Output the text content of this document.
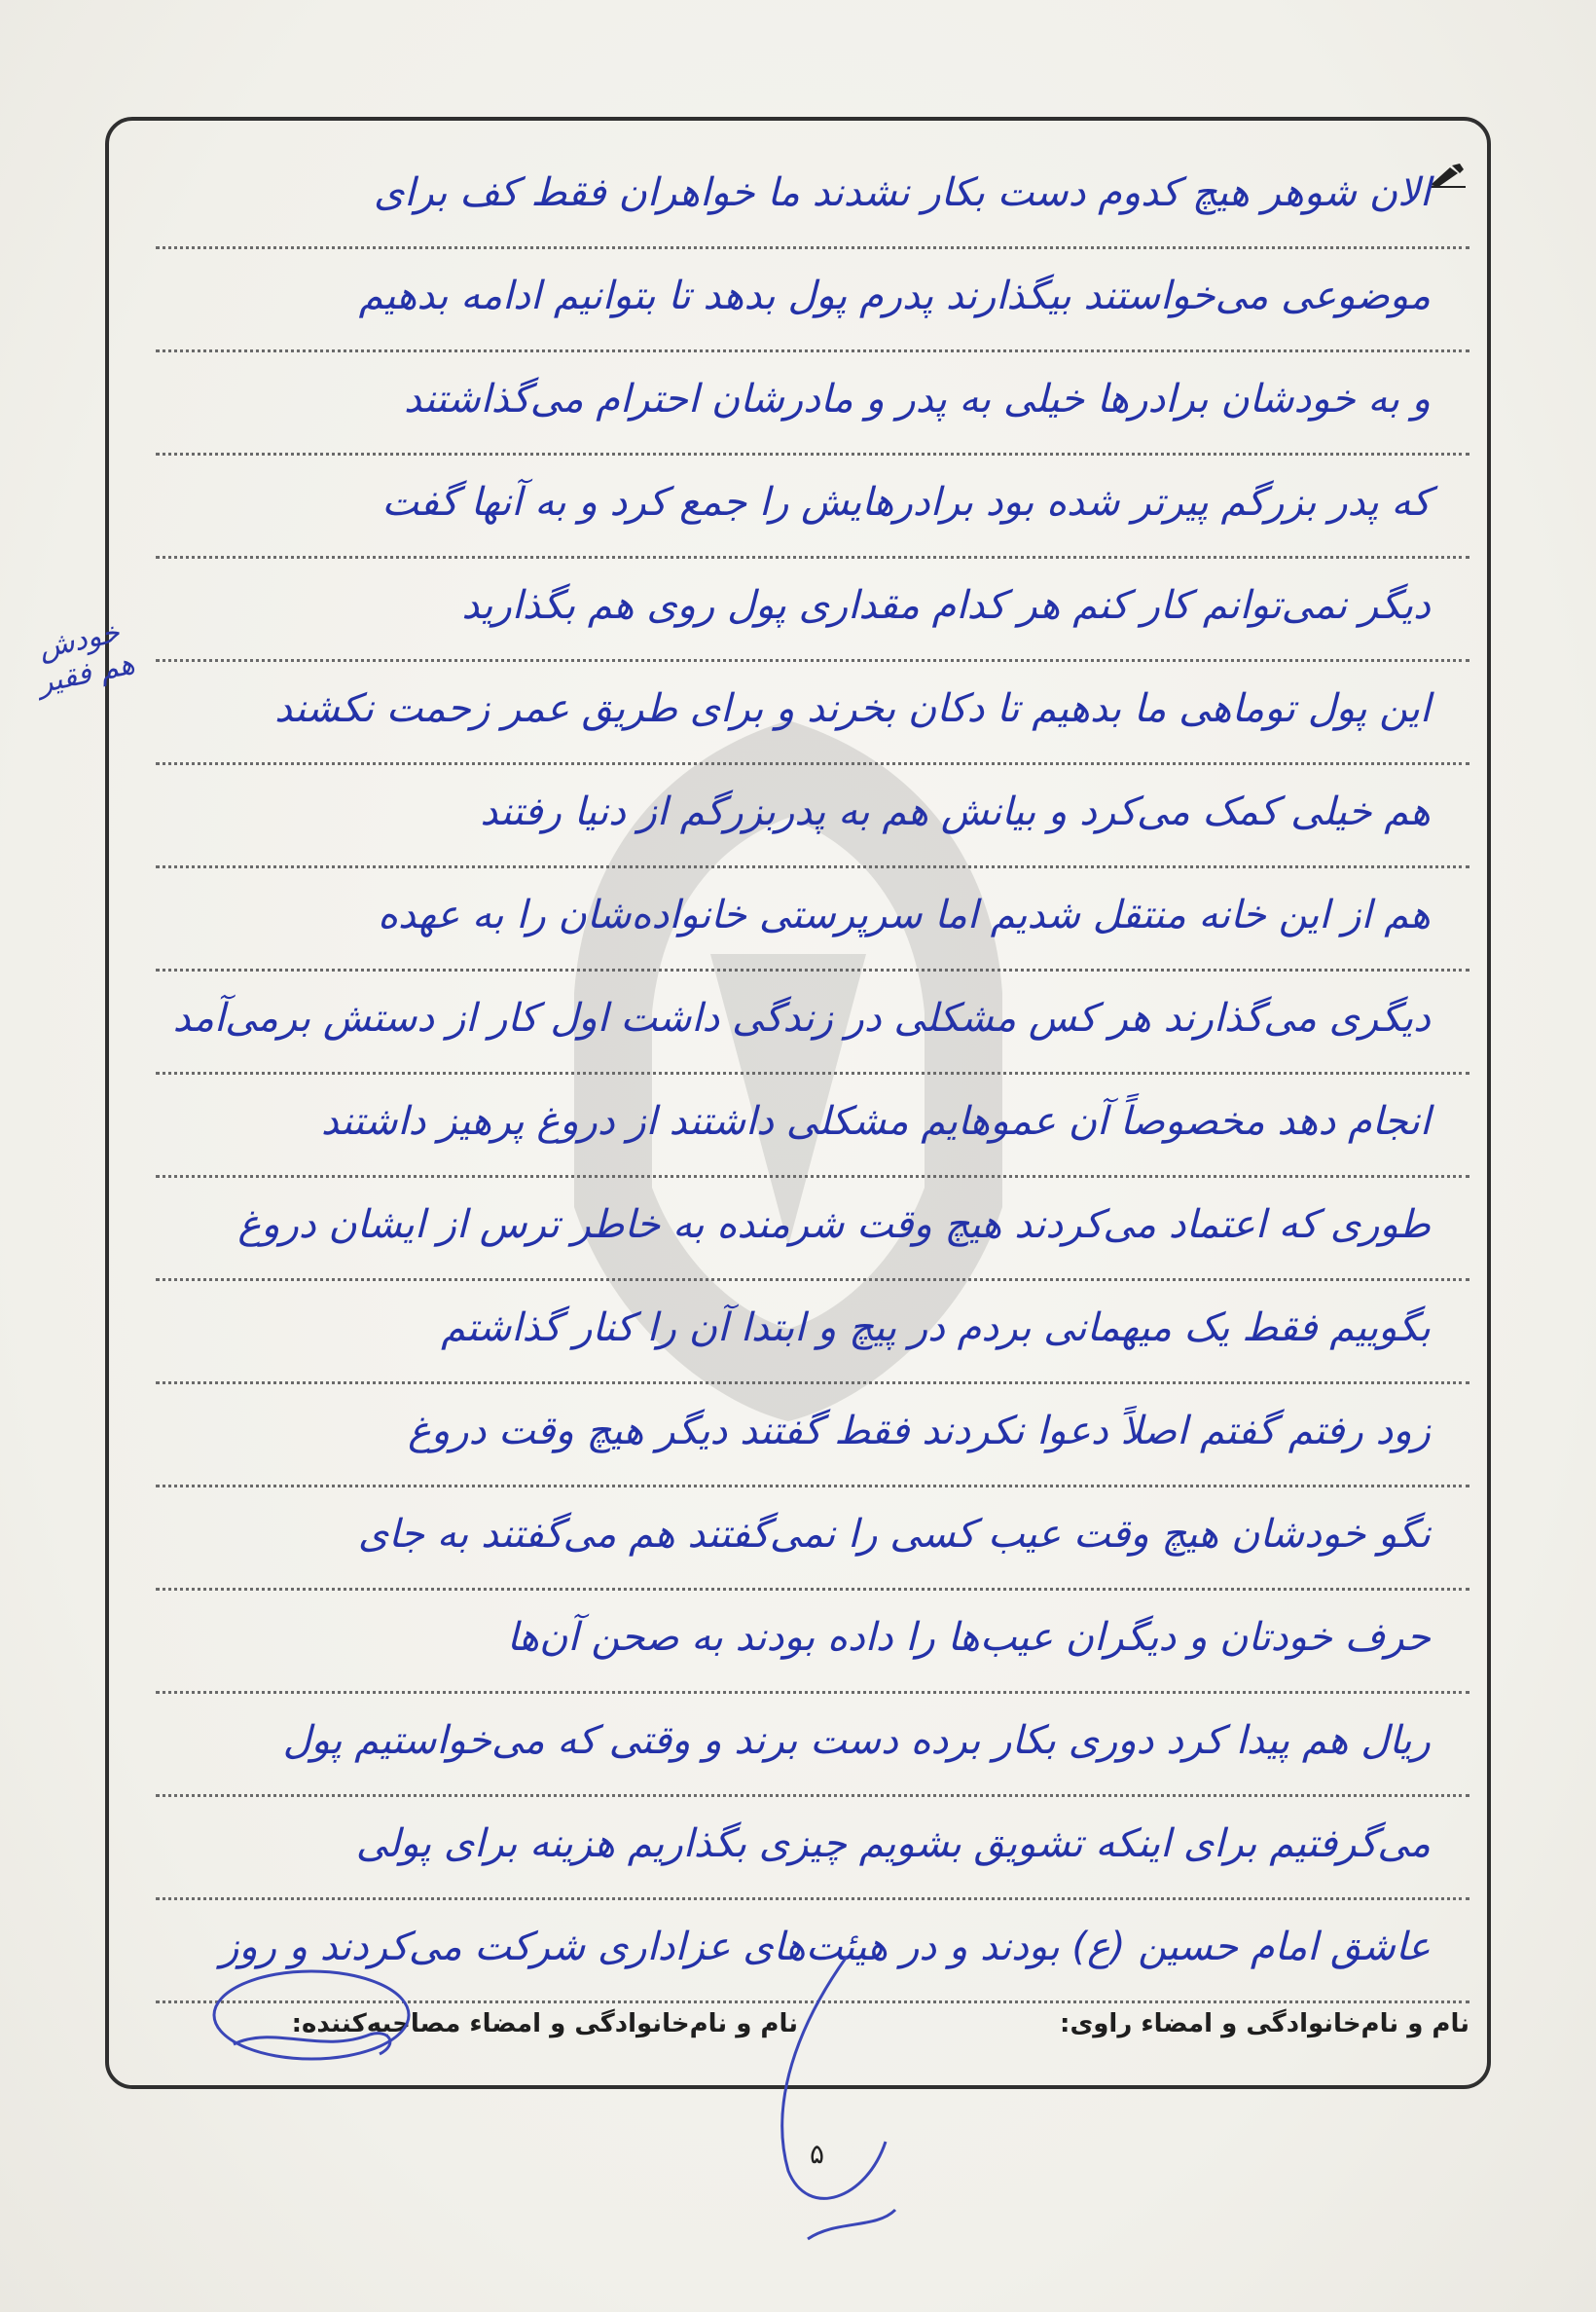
الان شوهر هیچ کدوم دست بکار نشدند ما خواهران فقط کف برای
موضوعی می‌خواستند بیگذارند پدرم پول بدهد تا بتوانیم ادامه بدهیم
و به خودشان برادرها خیلی به پدر و مادرشان احترام می‌گذاشتند
که پدر بزرگم پیرتر شده بود برادرهایش را جمع کرد و به آنها گفت
دیگر نمی‌توانم کار کنم هر کدام مقداری پول روی هم بگذارید
این پول توماهی ما بدهیم تا دکان بخرند و برای طریق عمر زحمت نکشند
هم خیلی کمک می‌کرد و بیانش هم به پدربزرگم از دنیا رفتند
هم از این خانه منتقل شدیم اما سرپرستی خانواده‌شان را به عهده
دیگری می‌گذارند هر کس مشکلی در زندگی داشت اول کار از دستش برمی‌آمد
انجام دهد مخصوصاً آن عموهایم مشکلی داشتند از دروغ پرهیز داشتند
طوری که اعتماد می‌کردند هیچ وقت شرمنده به خاطر ترس از ایشان دروغ
بگوییم فقط یک میهمانی بردم در پیچ و ابتدا آن را کنار گذاشتم
زود رفتم گفتم اصلاً دعوا نکردند فقط گفتند دیگر هیچ وقت دروغ
نگو خودشان هیچ وقت عیب کسی را نمی‌گفتند هم می‌گفتند به جای
حرف خودتان و دیگران عیب‌ها را داده بودند به صحن آن‌ها
ریال هم پیدا کرد دوری بکار برده دست برند و وقتی که می‌خواستیم پول
می‌گرفتیم برای اینکه تشویق بشویم چیزی بگذاریم هزینه برای پولی
عاشق امام حسین (ع) بودند و در هیئت‌های عزاداری شرکت می‌کردند و روز
خودش هم فقیر
نام و نام‌خانوادگی و امضاء راوی:
نام و نام‌خانوادگی و امضاء مصاحبه‌کننده:
۵
